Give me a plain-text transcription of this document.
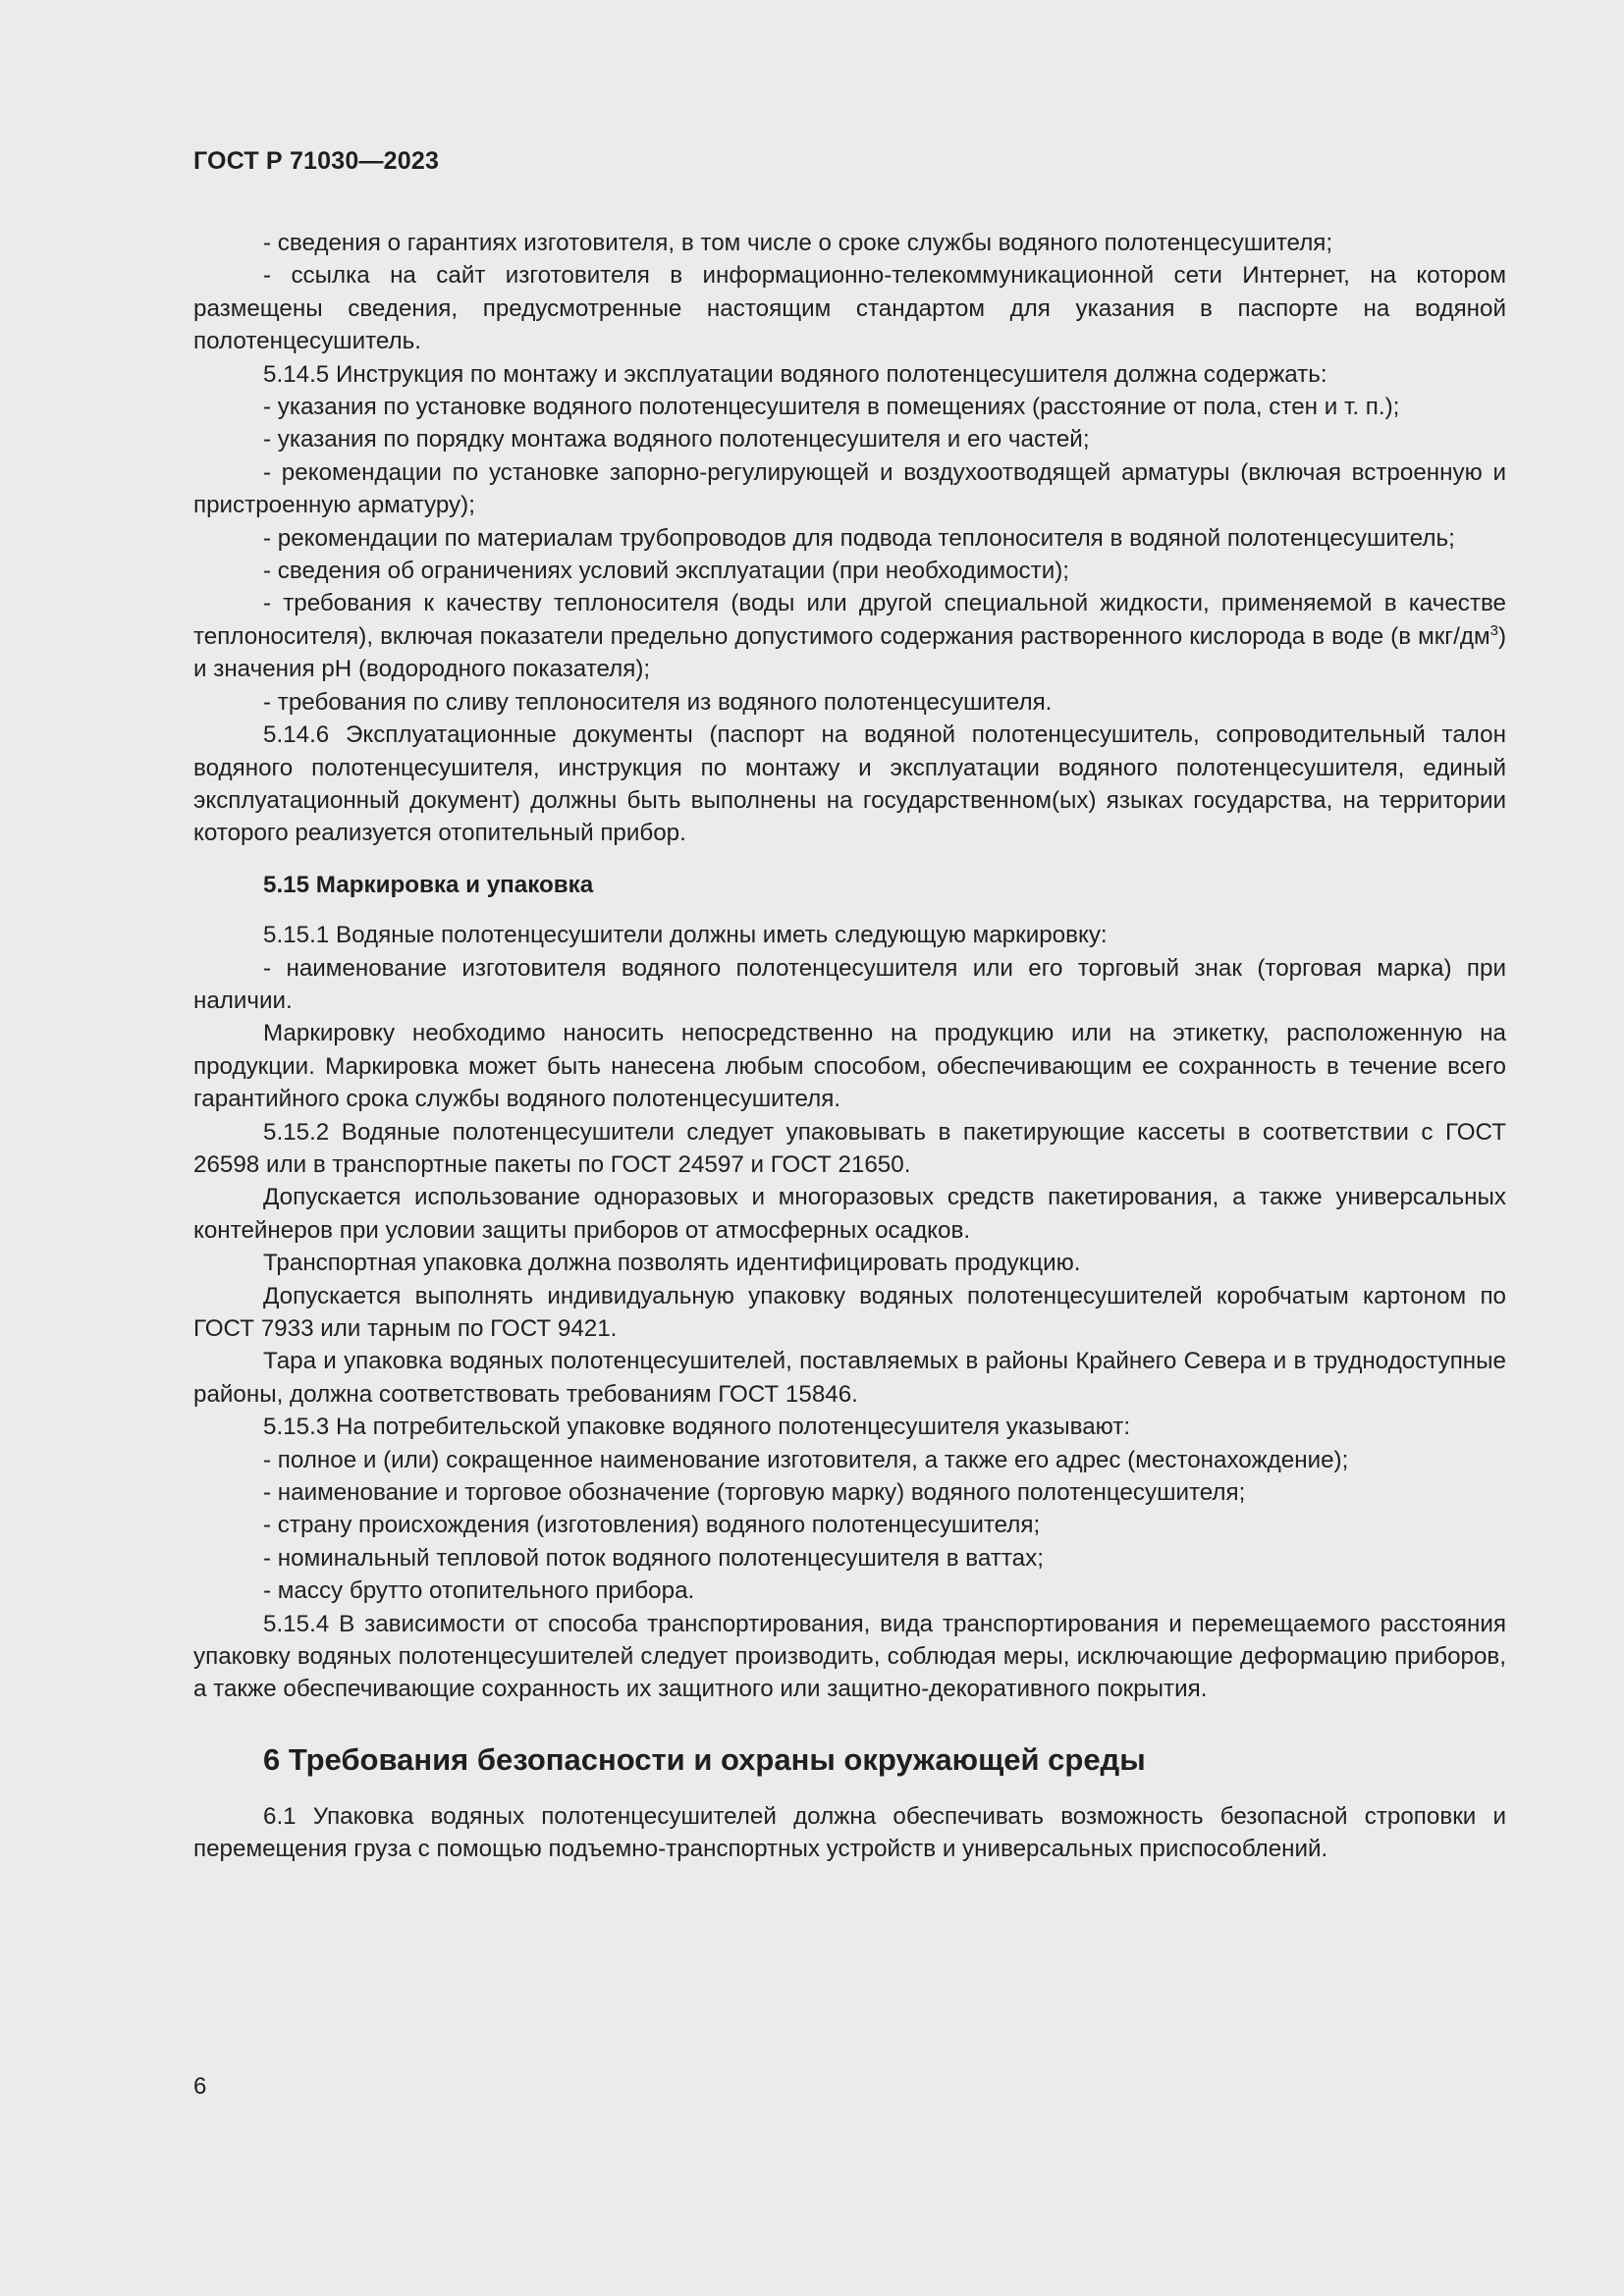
ГОСТ Р 71030—2023

- сведения о гарантиях изготовителя, в том числе о сроке службы водяного полотенцесушителя;

- ссылка на сайт изготовителя в информационно-телекоммуникационной сети Интернет, на котором размещены сведения, предусмотренные настоящим стандартом для указания в паспорте на водяной полотенцесушитель.

5.14.5 Инструкция по монтажу и эксплуатации водяного полотенцесушителя должна содержать:

- указания по установке водяного полотенцесушителя в помещениях (расстояние от пола, стен и т. п.);

- указания по порядку монтажа водяного полотенцесушителя и его частей;

- рекомендации по установке запорно-регулирующей и воздухоотводящей арматуры (включая встроенную и пристроенную арматуру);

- рекомендации по материалам трубопроводов для подвода теплоносителя в водяной полотенцесушитель;

- сведения об ограничениях условий эксплуатации (при необходимости);

- требования к качеству теплоносителя (воды или другой специальной жидкости, применяемой в качестве теплоносителя), включая показатели предельно допустимого содержания растворенного кислорода в воде (в мкг/$дм^3$) и значения pH (водородного показателя);

- требования по сливу теплоносителя из водяного полотенцесушителя.

5.14.6 Эксплуатационные документы (паспорт на водяной полотенцесушитель, сопроводительный талон водяного полотенцесушителя, инструкция по монтажу и эксплуатации водяного полотенцесушителя, единый эксплуатационный документ) должны быть выполнены на государственном(ых) языках государства, на территории которого реализуется отопительный прибор.

5.15 Маркировка и упаковка

5.15.1 Водяные полотенцесушители должны иметь следующую маркировку:

- наименование изготовителя водяного полотенцесушителя или его торговый знак (торговая марка) при наличии.

Маркировку необходимо наносить непосредственно на продукцию или на этикетку, расположенную на продукции. Маркировка может быть нанесена любым способом, обеспечивающим ее сохранность в течение всего гарантийного срока службы водяного полотенцесушителя.

5.15.2 Водяные полотенцесушители следует упаковывать в пакетирующие кассеты в соответствии с ГОСТ 26598 или в транспортные пакеты по ГОСТ 24597 и ГОСТ 21650.

Допускается использование одноразовых и многоразовых средств пакетирования, а также универсальных контейнеров при условии защиты приборов от атмосферных осадков.

Транспортная упаковка должна позволять идентифицировать продукцию.

Допускается выполнять индивидуальную упаковку водяных полотенцесушителей коробчатым картоном по ГОСТ 7933 или тарным по ГОСТ 9421.

Тара и упаковка водяных полотенцесушителей, поставляемых в районы Крайнего Севера и в труднодоступные районы, должна соответствовать требованиям ГОСТ 15846.

5.15.3 На потребительской упаковке водяного полотенцесушителя указывают:

- полное и (или) сокращенное наименование изготовителя, а также его адрес (местонахождение);

- наименование и торговое обозначение (торговую марку) водяного полотенцесушителя;

- страну происхождения (изготовления) водяного полотенцесушителя;

- номинальный тепловой поток водяного полотенцесушителя в ваттах;

- массу брутто отопительного прибора.

5.15.4 В зависимости от способа транспортирования, вида транспортирования и перемещаемого расстояния упаковку водяных полотенцесушителей следует производить, соблюдая меры, исключающие деформацию приборов, а также обеспечивающие сохранность их защитного или защитно-декоративного покрытия.

6 Требования безопасности и охраны окружающей среды

6.1 Упаковка водяных полотенцесушителей должна обеспечивать возможность безопасной строповки и перемещения груза с помощью подъемно-транспортных устройств и универсальных приспособлений.

6
